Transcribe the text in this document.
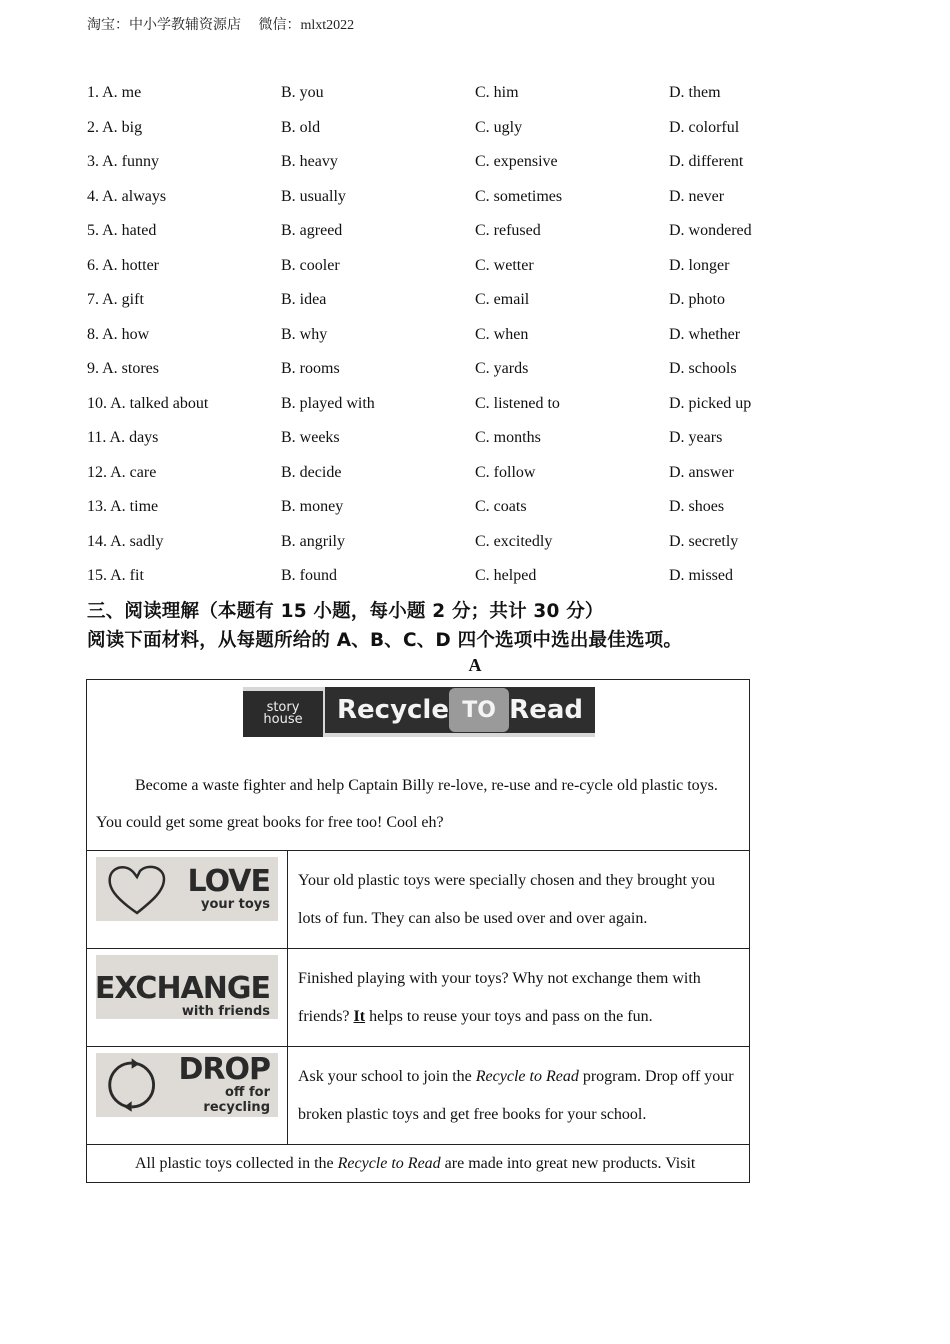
淘宝：中小学教辅资源店 微信：mlxt2022
1. A. me	B. you	C. him	D. them
2. A. big	B. old	C. ugly	D. colorful
3. A. funny	B. heavy	C. expensive	D. different
4. A. always	B. usually	C. sometimes	D. never
5. A. hated	B. agreed	C. refused	D. wondered
6. A. hotter	B. cooler	C. wetter	D. longer
7. A. gift	B. idea	C. email	D. photo
8. A. how	B. why	C. when	D. whether
9. A. stores	B. rooms	C. yards	D. schools
10. A. talked about	B. played with	C. listened to	D. picked up
11. A. days	B. weeks	C. months	D. years
12. A. care	B. decide	C. follow	D. answer
13. A. time	B. money	C. coats	D. shoes
14. A. sadly	B. angrily	C. excitedly	D. secretly
15. A. fit	B. found	C. helped	D. missed
三、阅读理解（本题有 15 小题，每小题 2 分；共计 30 分）
阅读下面材料，从每题所给的 A、B、C、D 四个选项中选出最佳选项。
A
story
house Recycle TO Read
Become a waste fighter and help Captain Billy re-love, re-use and re-cycle old plastic toys. You could get some great books for free too! Cool eh?
LOVE
your toys
Your old plastic toys were specially chosen and they brought you lots of fun. They can also be used over and over again.
EXCHANGE
with friends
Finished playing with your toys? Why not exchange them with friends? It helps to reuse your toys and pass on the fun.
DROP
off for recycling
Ask your school to join the Recycle to Read program. Drop off your broken plastic toys and get free books for your school.
All plastic toys collected in the Recycle to Read are made into great new products. Visit
